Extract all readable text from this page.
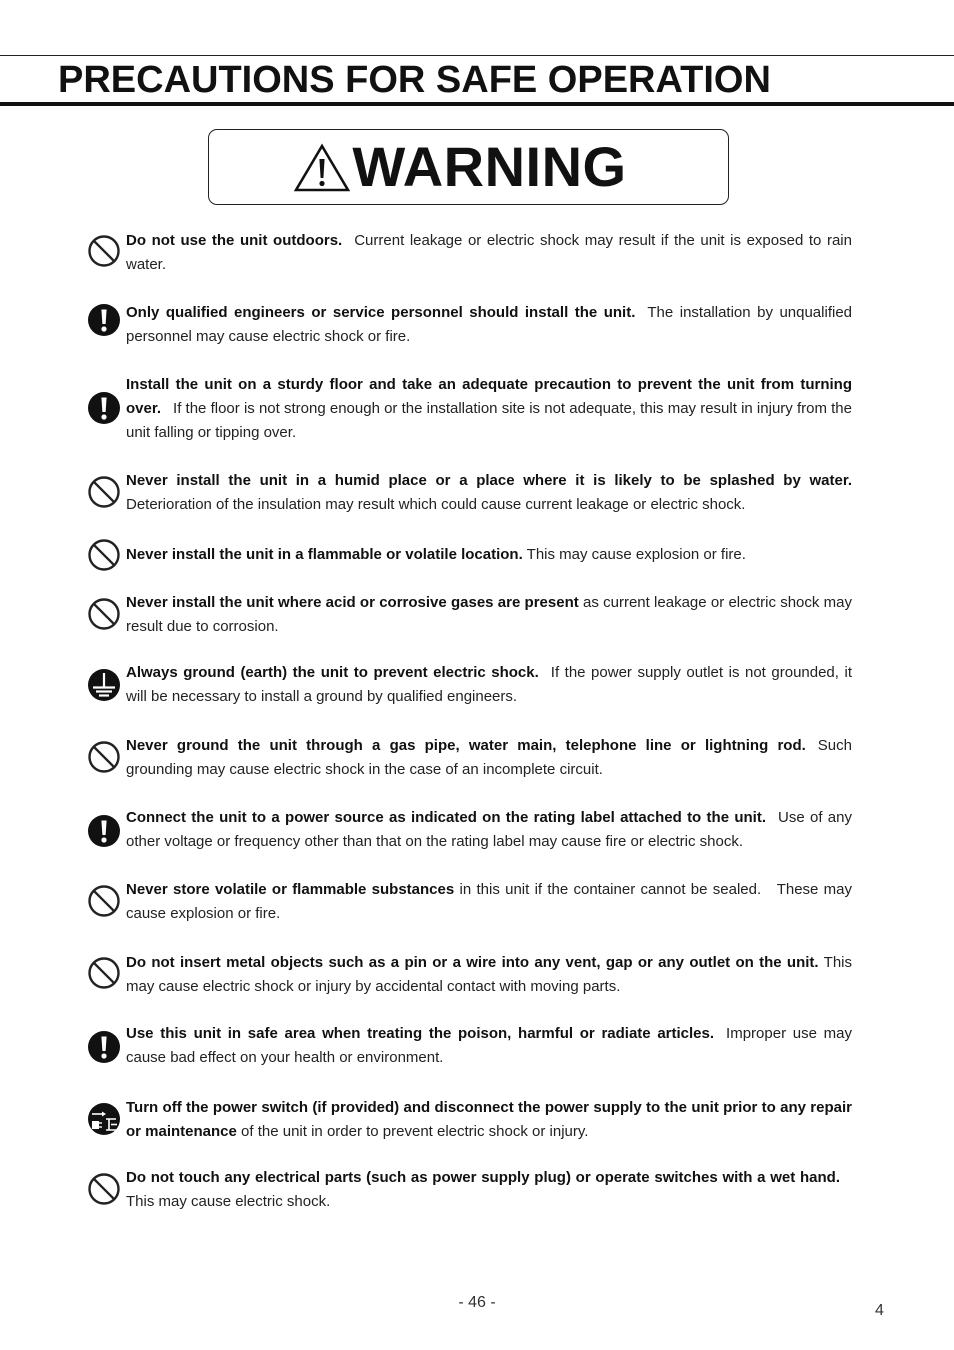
PRECAUTIONS FOR SAFE OPERATION
WARNING
Do not use the unit outdoors. Current leakage or electric shock may result if the unit is exposed to rain water.
Only qualified engineers or service personnel should install the unit. The installation by unqualified personnel may cause electric shock or fire.
Install the unit on a sturdy floor and take an adequate precaution to prevent the unit from turning over. If the floor is not strong enough or the installation site is not adequate, this may result in injury from the unit falling or tipping over.
Never install the unit in a humid place or a place where it is likely to be splashed by water. Deterioration of the insulation may result which could cause current leakage or electric shock.
Never install the unit in a flammable or volatile location. This may cause explosion or fire.
Never install the unit where acid or corrosive gases are present as current leakage or electric shock may result due to corrosion.
Always ground (earth) the unit to prevent electric shock. If the power supply outlet is not grounded, it will be necessary to install a ground by qualified engineers.
Never ground the unit through a gas pipe, water main, telephone line or lightning rod. Such grounding may cause electric shock in the case of an incomplete circuit.
Connect the unit to a power source as indicated on the rating label attached to the unit. Use of any other voltage or frequency other than that on the rating label may cause fire or electric shock.
Never store volatile or flammable substances in this unit if the container cannot be sealed.   These may cause explosion or fire.
Do not insert metal objects such as a pin or a wire into any vent, gap or any outlet on the unit. This may cause electric shock or injury by accidental contact with moving parts.
Use this unit in safe area when treating the poison, harmful or radiate articles. Improper use may cause bad effect on your health or environment.
Turn off the power switch (if provided) and disconnect the power supply to the unit prior to any repair or maintenance of the unit in order to prevent electric shock or injury.
Do not touch any electrical parts (such as power supply plug) or operate switches with a wet hand.This may cause electric shock.
- 46 -	4
